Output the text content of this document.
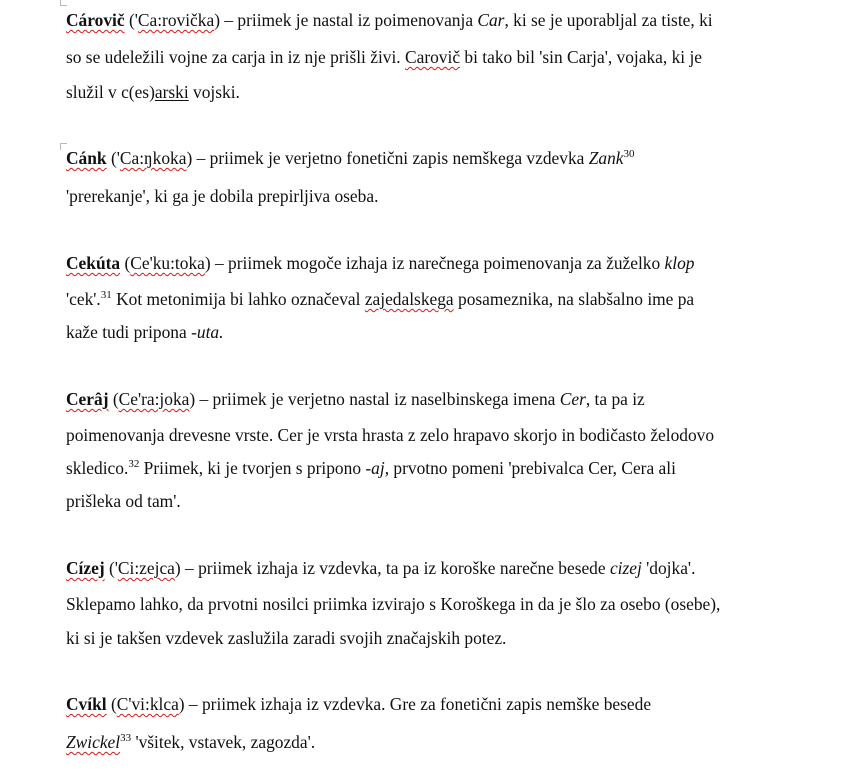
Cárovič ('Ca:rovička) – priimek je nastal iz poimenovanja Car, ki se je uporabljal za tiste, ki
so se udeležili vojne za carja in iz nje prišli živi. Carovič bi tako bil 'sin Carja', vojaka, ki je
služil v c(es)arski vojski.
Cánk ('Ca:ŋkoka) – priimek je verjetno fonetični zapis nemškega vzdevka Zank$^{30}$
'prerekanje', ki ga je dobila prepirljiva oseba.
Cekúta (Ce'ku:toka) – priimek mogoče izhaja iz narečnega poimenovanja za žuželko klop
'cek'.$^{31}$ Kot metonimija bi lahko označeval zajedalskega posameznika, na slabšalno ime pa
kaže tudi pripona -uta.
Cerâj (Ce'ra:joka) – priimek je verjetno nastal iz naselbinskega imena Cer, ta pa iz
poimenovanja drevesne vrste. Cer je vrsta hrasta z zelo hrapavo skorjo in bodičasto želodovo
skledico.$^{32}$ Priimek, ki je tvorjen s pripono -aj, prvotno pomeni 'prebivalca Cer, Cera ali
prišleka od tam'.
Cízej ('Ci:zejca) – priimek izhaja iz vzdevka, ta pa iz koroške narečne besede cizej 'dojka'.
Sklepamo lahko, da prvotni nosilci priimka izvirajo s Koroškega in da je šlo za osebo (osebe),
ki si je takšen vzdevek zaslužila zaradi svojih značajskih potez.
Cvíkl (C'vi:klca) – priimek izhaja iz vzdevka. Gre za fonetični zapis nemške besede
Zwickel$^{33}$ 'všitek, vstavek, zagozda'.
